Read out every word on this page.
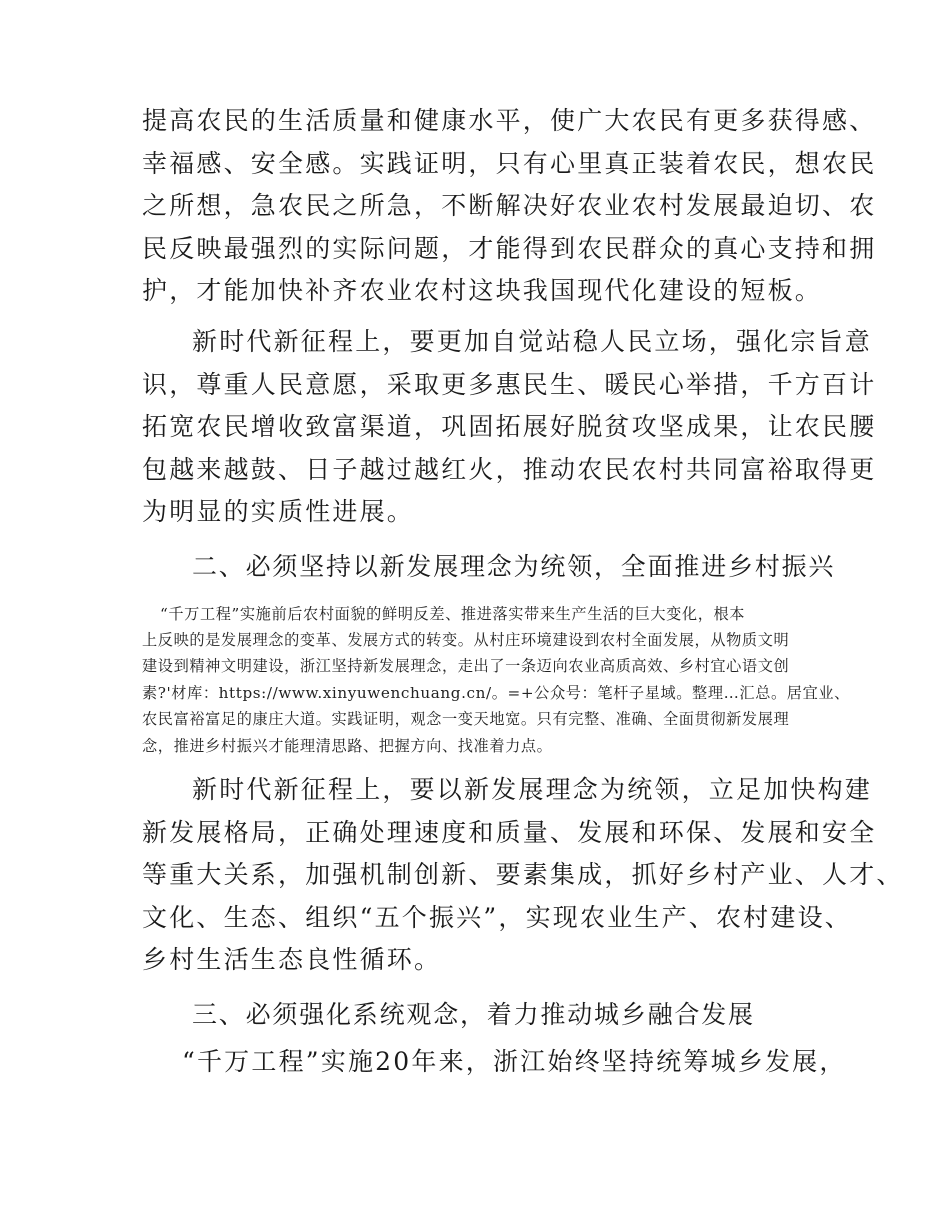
提高农民的生活质量和健康水平，使广大农民有更多获得感、
幸福感、安全感。实践证明，只有心里真正装着农民，想农民
之所想，急农民之所急，不断解决好农业农村发展最迫切、农
民反映最强烈的实际问题，才能得到农民群众的真心支持和拥
护，才能加快补齐农业农村这块我国现代化建设的短板。
新时代新征程上，要更加自觉站稳人民立场，强化宗旨意
识，尊重人民意愿，采取更多惠民生、暖民心举措，千方百计
拓宽农民增收致富渠道，巩固拓展好脱贫攻坚成果，让农民腰
包越来越鼓、日子越过越红火，推动农民农村共同富裕取得更
为明显的实质性进展。
二、必须坚持以新发展理念为统领，全面推进乡村振兴
“千万工程”实施前后农村面貌的鲜明反差、推进落实带来生产生活的巨大变化，根本
上反映的是发展理念的变革、发展方式的转变。从村庄环境建设到农村全面发展，从物质文明
建设到精神文明建设，浙江坚持新发展理念，走出了一条迈向农业高质高效、乡村宜心语文创
素?'材库：https://www.xinyuwenchuang.cn/。=+公众号：笔杆子星域。整理…汇总。居宜业、
农民富裕富足的康庄大道。实践证明，观念一变天地宽。只有完整、准确、全面贯彻新发展理
念，推进乡村振兴才能理清思路、把握方向、找准着力点。
新时代新征程上，要以新发展理念为统领，立足加快构建
新发展格局，正确处理速度和质量、发展和环保、发展和安全
等重大关系，加强机制创新、要素集成，抓好乡村产业、人才、
文化、生态、组织“五个振兴”，实现农业生产、农村建设、
乡村生活生态良性循环。
三、必须强化系统观念，着力推动城乡融合发展
“千万工程”实施20年来，浙江始终坚持统筹城乡发展，
